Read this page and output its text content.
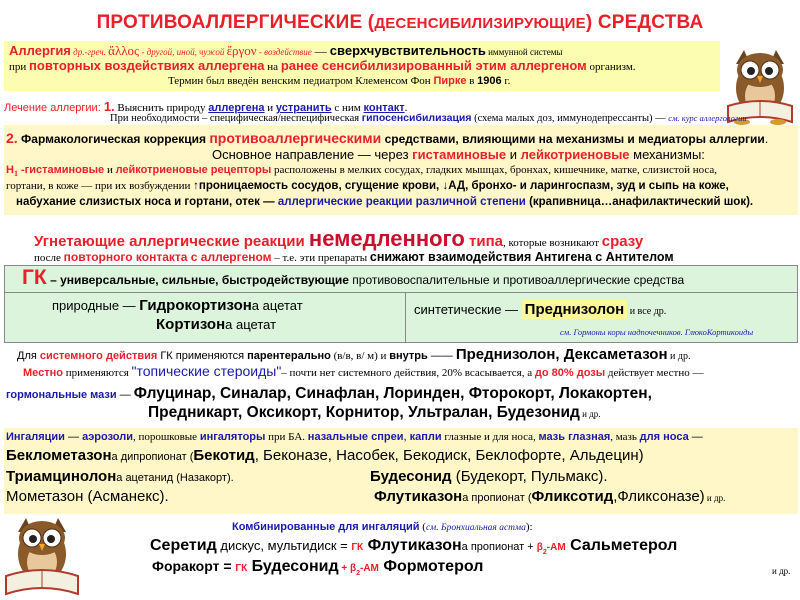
ПРОТИВОАЛЛЕРГИЧЕСКИЕ (ДЕСЕНСИБИЛИЗИРУЮЩИЕ) СРЕДСТВА
Аллергия др.-греч. ἄλλος - другой, иной, чужой ἔργον - воздействие — сверхчувствительность иммунной системы
при повторных воздействиях аллергена на ранее сенсибилизированный этим аллергеном организм.
Термин был введён венским педиатром Клеменсом Фон Пирке в 1906 г.
Лечение аллергии: 1. Выяснить природу аллергена и устранить с ним контакт.
При необходимости – специфическая/неспецифическая гипосенсибилизация (схема малых доз, иммунодепрессанты) — см. курс аллергологии
2. Фармакологическая коррекция противоаллергическими средствами, влияющими на механизмы и медиаторы аллергии.
Основное направление — через гистаминовые и лейкотриеновые механизмы:
$H_1$ -гистаминовые и лейкотриеновые рецепторы расположены в мелких сосудах, гладких мышцах, бронхах, кишечнике, матке, слизистой носа,
гортани, в коже — при их возбуждении ↑проницаемость сосудов, сгущение крови, ↓АД, бронхо- и ларингоспазм, зуд и сыпь на коже,
набухание слизистых носа и гортани, отек — аллергические реакции различной степени (крапивница…анафилактический шок).
Угнетающие аллергические реакции немедленного типа, которые возникают сразу
после повторного контакта с аллергеном – т.е. эти препараты снижают взаимодействия Антигена с Антителом
ГК – универсальные, сильные, быстродействующие противовоспалительные и противоаллергические средства
природные — Гидрокортизона ацетат
Кортизона ацетат
синтетические — Преднизолон и все др.
см. Гормоны коры надпочечников. ГлюкоКортикоиды
Для системного действия ГК применяются парентерально (в/в, в/ м) и внутрь —— Преднизолон, Дексаметазон и др.
Местно применяются "топические стероиды"– почти нет системного действия, 20% всасывается, а до 80% дозы действует местно —
гормональные мази — Флуцинар, Синалар, Синафлан, Лоринден, Фторокорт, Локакортен,
Предникарт, Оксикорт, Корнитор, Ультралан, Будезонид и др.
Ингаляции — аэрозоли, порошковые ингаляторы при БА. назальные спреи, капли глазные и для носа, мазь глазная, мазь для носа —
Беклометазона дипропионат (Бекотид, Беконазе, Насобек, Бекодиск, Беклофорте, Альдецин)
Триамцинолона ацетанид (Назакорт).	Будесонид (Будекорт, Пульмакс).
Мометазон (Асманекс).	Флутиказона пропионат (Фликсотид,Фликсоназе) и др.
Комбинированные для ингаляций (см. Бронхиальная астма):
Серетид дискус, мультидиск = ГК Флутиказона пропионат + $\beta_2-АМ$ Сальметерол
Форакорт = ГК Будесонид + $\beta_2-АМ$ Формотерол	и др.
